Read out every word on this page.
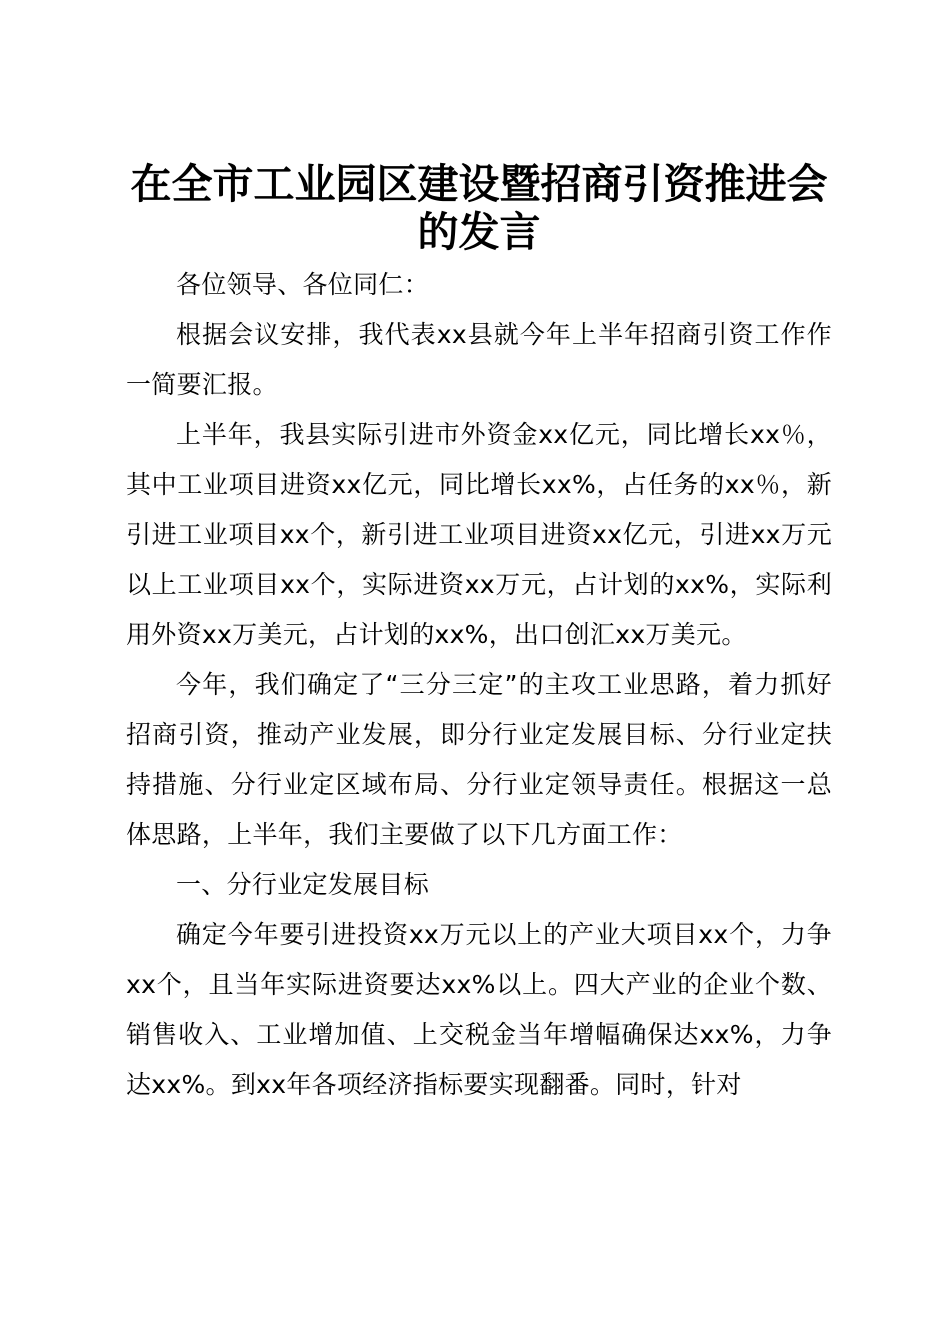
在全市工业园区建设暨招商引资推进会的发言

各位领导、各位同仁：

根据会议安排，我代表xx县就今年上半年招商引资工作作一简要汇报。

上半年，我县实际引进市外资金xx亿元，同比增长xx％，其中工业项目进资xx亿元，同比增长xx%，占任务的xx％，新引进工业项目xx个，新引进工业项目进资xx亿元，引进xx万元以上工业项目xx个，实际进资xx万元，占计划的xx%，实际利用外资xx万美元，占计划的xx%，出口创汇xx万美元。

今年，我们确定了“三分三定”的主攻工业思路，着力抓好招商引资，推动产业发展，即分行业定发展目标、分行业定扶持措施、分行业定区域布局、分行业定领导责任。根据这一总体思路，上半年，我们主要做了以下几方面工作：

一、分行业定发展目标

确定今年要引进投资xx万元以上的产业大项目xx个，力争xx个，且当年实际进资要达xx%以上。四大产业的企业个数、销售收入、工业增加值、上交税金当年增幅确保达xx%，力争达xx%。到xx年各项经济指标要实现翻番。同时，针对
